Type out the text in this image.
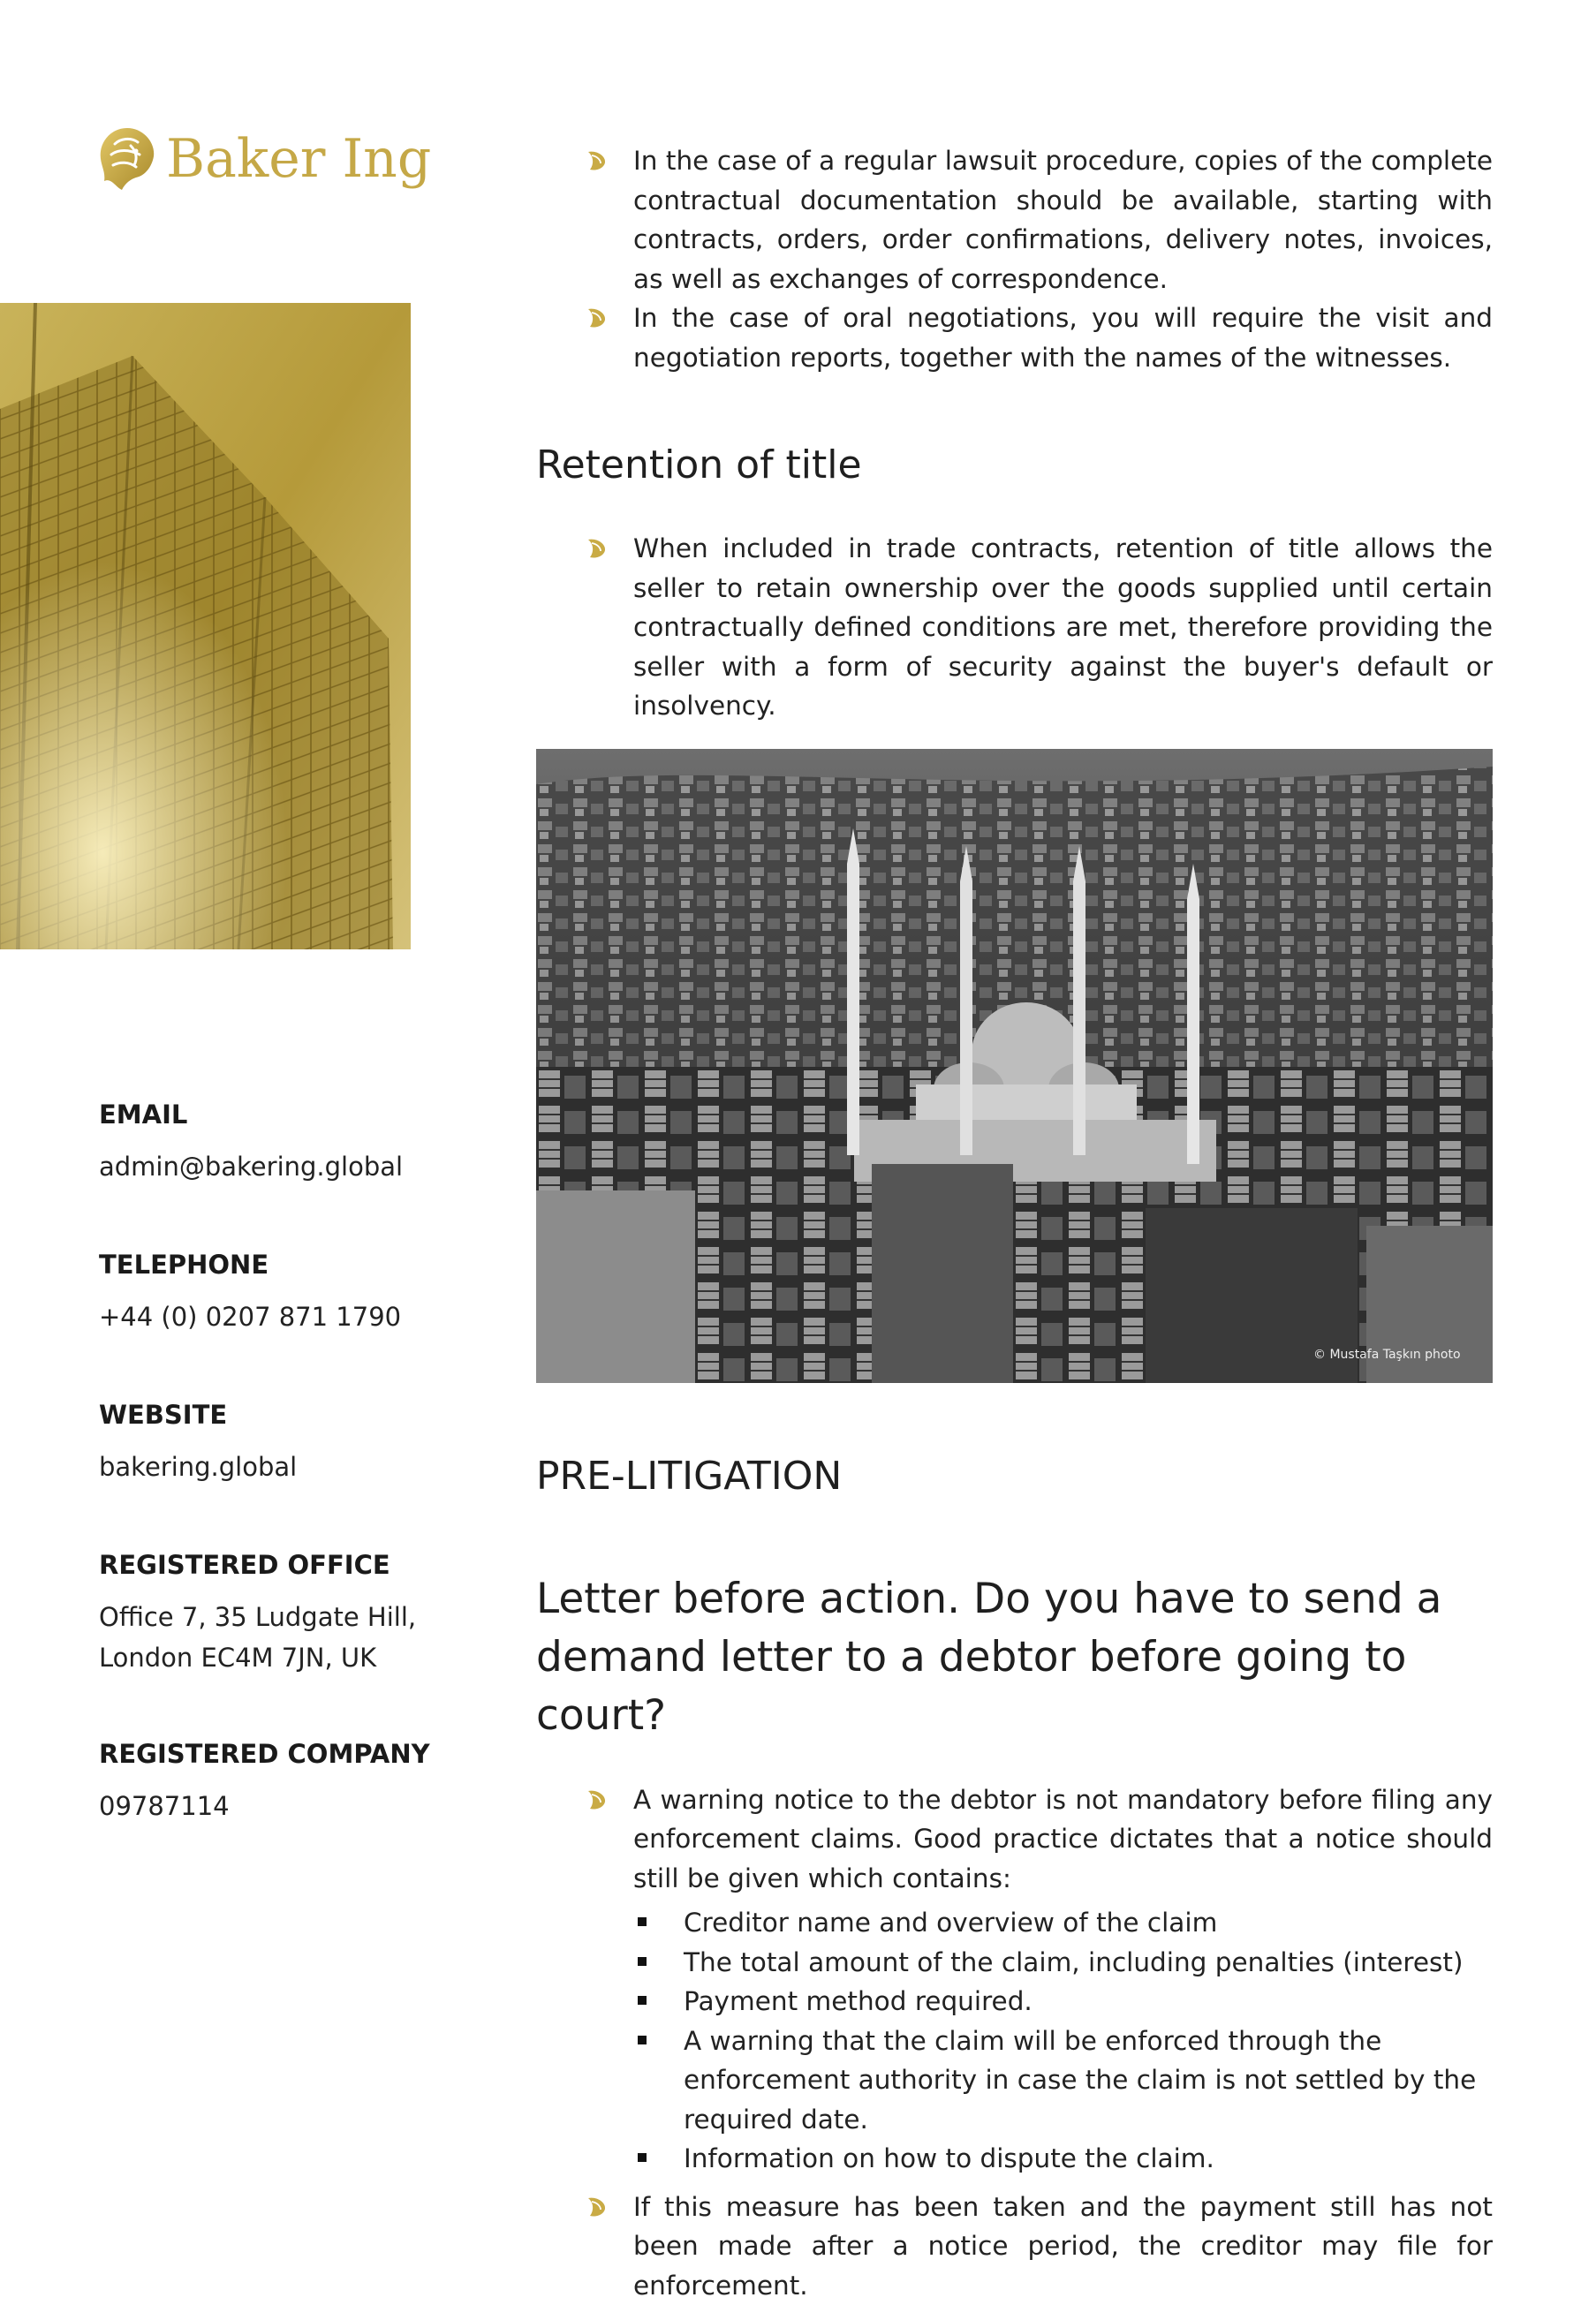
Baker Ing

EMAIL

admin@bakering.global

TELEPHONE

+44 (0) 0207 871 1790

WEBSITE

bakering.global

REGISTERED OFFICE

Office 7, 35 Ludgate Hill,
London EC4M 7JN, UK

REGISTERED COMPANY

09787114

In the case of a regular lawsuit procedure, copies of the complete contractual documentation should be available, starting with contracts, orders, order confirmations, delivery notes, invoices, as well as exchanges of correspondence.
In the case of oral negotiations, you will require the visit and negotiation reports, together with the names of the witnesses.
Retention of title
When included in trade contracts, retention of title allows the seller to retain ownership over the goods supplied until certain contractually defined conditions are met, therefore providing the seller with a form of security against the buyer's default or insolvency.
© Mustafa Taşkın photo
PRE-LITIGATION
Letter before action. Do you have to send a demand letter to a debtor before going to court?
A warning notice to the debtor is not mandatory before filing any enforcement claims. Good practice dictates that a notice should still be given which contains:
Creditor name and overview of the claim
The total amount of the claim, including penalties (interest)
Payment method required.
A warning that the claim will be enforced through the enforcement authority in case the claim is not settled by the required date.
Information on how to dispute the claim.
If this measure has been taken and the payment still has not been made after a notice period, the creditor may file for enforcement.
